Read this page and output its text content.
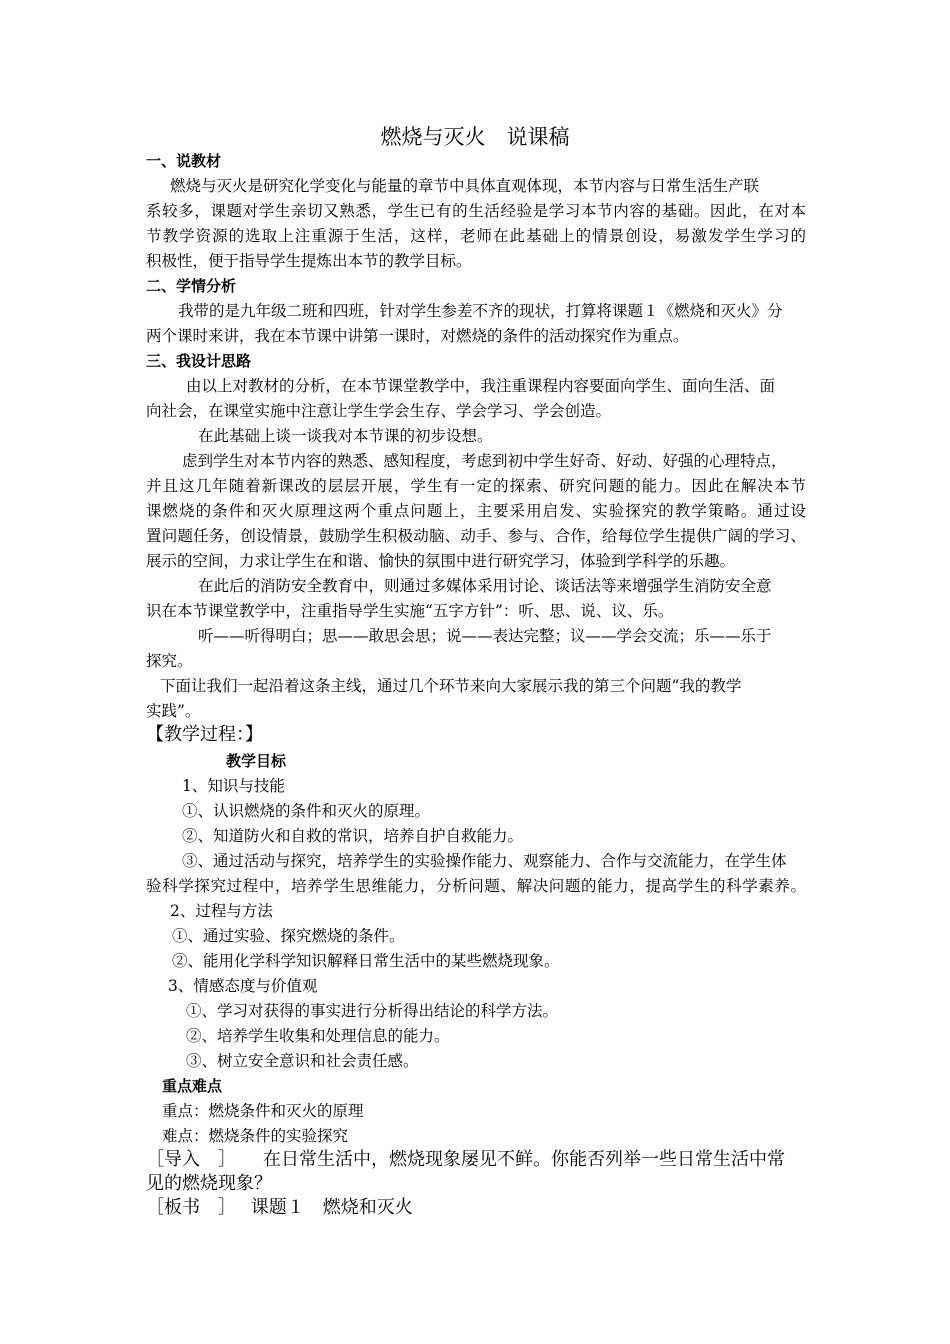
燃烧与灭火　说课稿
一、说教材
燃烧与灭火是研究化学变化与能量的章节中具体直观体现，本节内容与日常生活生产联
系较多，课题对学生亲切又熟悉，学生已有的生活经验是学习本节内容的基础。因此，在对本
节教学资源的选取上注重源于生活，这样，老师在此基础上的情景创设，易激发学生学习的
积极性，便于指导学生提炼出本节的教学目标。
二、学情分析
我带的是九年级二班和四班，针对学生参差不齐的现状，打算将课题１《燃烧和灭火》分
两个课时来讲，我在本节课中讲第一课时，对燃烧的条件的活动探究作为重点。
三、我设计思路
由以上对教材的分析，在本节课堂教学中，我注重课程内容要面向学生、面向生活、面
向社会，在课堂实施中注意让学生学会生存、学会学习、学会创造。
在此基础上谈一谈我对本节课的初步设想。
虑到学生对本节内容的熟悉、感知程度，考虑到初中学生好奇、好动、好强的心理特点，
并且这几年随着新课改的层层开展，学生有一定的探索、研究问题的能力。因此在解决本节
课燃烧的条件和灭火原理这两个重点问题上，主要采用启发、实验探究的教学策略。通过设
置问题任务，创设情景，鼓励学生积极动脑、动手、参与、合作，给每位学生提供广阔的学习、
展示的空间，力求让学生在和谐、愉快的氛围中进行研究学习，体验到学科学的乐趣。
在此后的消防安全教育中，则通过多媒体采用讨论、谈话法等来增强学生消防安全意
识在本节课堂教学中，注重指导学生实施“五字方针”：听、思、说、议、乐。
听——听得明白；思——敢思会思；说——表达完整；议——学会交流；乐——乐于
探究。
下面让我们一起沿着这条主线，通过几个环节来向大家展示我的第三个问题“我的教学
实践”。
【教学过程：】
教学目标
1、知识与技能
①、认识燃烧的条件和灭火的原理。
②、知道防火和自救的常识，培养自护自救能力。
③、通过活动与探究，培养学生的实验操作能力、观察能力、合作与交流能力，在学生体
验科学探究过程中，培养学生思维能力，分析问题、解决问题的能力，提高学生的科学素养。
2、过程与方法
①、通过实验、探究燃烧的条件。
②、能用化学科学知识解释日常生活中的某些燃烧现象。
3、情感态度与价值观
①、学习对获得的事实进行分析得出结论的科学方法。
②、培养学生收集和处理信息的能力。
③、树立安全意识和社会责任感。
重点难点
重点：燃烧条件和灭火的原理
难点：燃烧条件的实验探究
［导入　］　　在日常生活中，燃烧现象屡见不鲜。你能否列举一些日常生活中常
见的燃烧现象？
［板书　］　 课题１　燃烧和灭火
